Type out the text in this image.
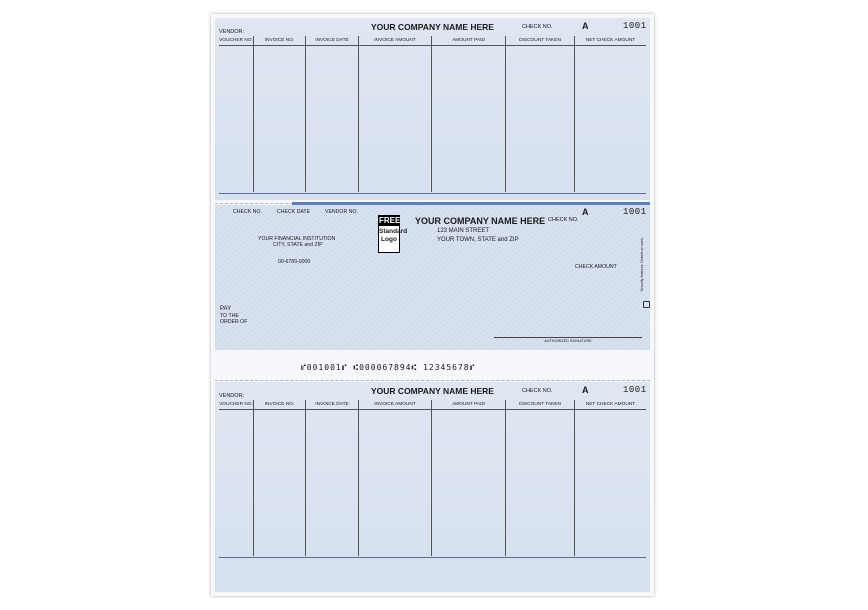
YOUR COMPANY NAME HERE
VENDOR:
CHECK NO.	A	1001
VOUCHER NO.	INVOICE NO.	INVOICE DATE	INVOICE AMOUNT	AMOUNT PAID	DISCOUNT TAKEN	NET CHECK AMOUNT
CHECK NO.	CHECK DATE	VENDOR NO.
FREE
Standard
Logo
YOUR COMPANY NAME HERE
123 MAIN STREET
YOUR TOWN, STATE and ZIP
CHECK NO.
A	1001
YOUR FINANCIAL INSTITUTION
CITY, STATE and ZIP
00-6789-0000
CHECK AMOUNT
PAY
TO THE
ORDER OF
AUTHORIZED SIGNATURE
Security features. Details on back.
⑈001001⑈ ⑆000067894⑆ 12345678⑈
YOUR COMPANY NAME HERE
VENDOR:
CHECK NO.	A	1001
VOUCHER NO.	INVOICE NO.	INVOICE DATE	INVOICE AMOUNT	AMOUNT PAID	DISCOUNT TAKEN	NET CHECK AMOUNT
